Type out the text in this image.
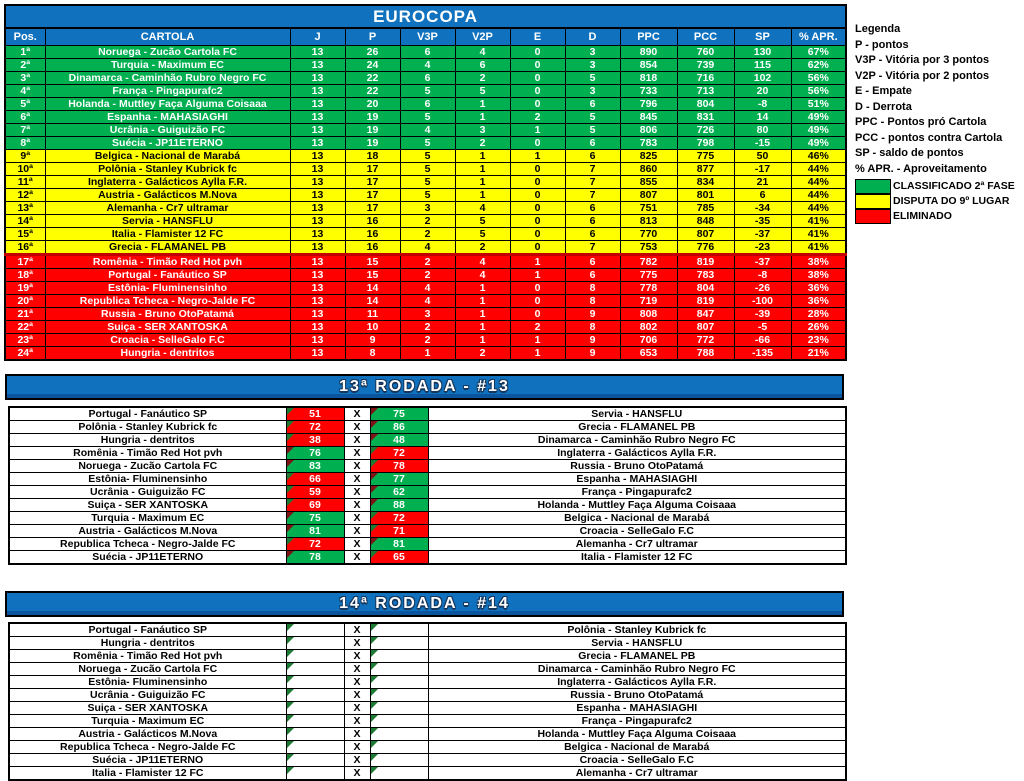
EUROCOPA											
Pos.	CARTOLA	J	P	V3P	V2P	E	D	PPC	PCC	SP	% APR.
1ª	Noruega - Zucão Cartola FC	13	26	6	4	0	3	890	760	130	67%
2ª	Turquia - Maximum EC	13	24	4	6	0	3	854	739	115	62%
3ª	Dinamarca - Caminhão Rubro Negro FC	13	22	6	2	0	5	818	716	102	56%
4ª	França - Pingapurafc2	13	22	5	5	0	3	733	713	20	56%
5ª	Holanda - Muttley Faça Alguma Coisaaa	13	20	6	1	0	6	796	804	-8	51%
6ª	Espanha - MAHASIAGHI	13	19	5	1	2	5	845	831	14	49%
7ª	Ucrânia - Guiguizão FC	13	19	4	3	1	5	806	726	80	49%
8ª	Suécia - JP11ETERNO	13	19	5	2	0	6	783	798	-15	49%
9ª	Belgica - Nacional de Marabá	13	18	5	1	1	6	825	775	50	46%
10ª	Polônia - Stanley Kubrick fc	13	17	5	1	0	7	860	877	-17	44%
11ª	Inglaterra - Galácticos Aylla F.R.	13	17	5	1	0	7	855	834	21	44%
12ª	Austria - Galácticos M.Nova	13	17	5	1	0	7	807	801	6	44%
13ª	Alemanha - Cr7 ultramar	13	17	3	4	0	6	751	785	-34	44%
14ª	Servia - HANSFLU	13	16	2	5	0	6	813	848	-35	41%
15ª	Italia - Flamister 12 FC	13	16	2	5	0	6	770	807	-37	41%
16ª	Grecia - FLAMANEL PB	13	16	4	2	0	7	753	776	-23	41%
17ª	Romênia - Timão Red Hot pvh	13	15	2	4	1	6	782	819	-37	38%
18ª	Portugal - Fanáutico SP	13	15	2	4	1	6	775	783	-8	38%
19ª	Estônia- Fluminensinho	13	14	4	1	0	8	778	804	-26	36%
20ª	Republica Tcheca - Negro-Jalde FC	13	14	4	1	0	8	719	819	-100	36%
21ª	Russia - Bruno OtoPatamá	13	11	3	1	0	9	808	847	-39	28%
22ª	Suiça - SER XANTOSKA	13	10	2	1	2	8	802	807	-5	26%
23ª	Croacia - SelleGalo F.C	13	9	2	1	1	9	706	772	-66	23%
24ª	Hungria - dentritos	13	8	1	2	1	9	653	788	-135	21%
Legenda
P - pontos
V3P - Vitória por 3 pontos
V2P - Vitória por 2 pontos
E - Empate
D - Derrota
PPC - Pontos pró Cartola
PCC - pontos contra Cartola
SP - saldo de pontos
% APR. - Aproveitamento
CLASSIFICADO 2ª FASE
DISPUTA DO 9º LUGAR
ELIMINADO
13ª RODADA - #13
Portugal - Fanáutico SP	51	X	75	Servia - HANSFLU
Polônia - Stanley Kubrick fc	72	X	86	Grecia - FLAMANEL PB
Hungria - dentritos	38	X	48	Dinamarca - Caminhão Rubro Negro FC
Romênia - Timão Red Hot pvh	76	X	72	Inglaterra - Galácticos Aylla F.R.
Noruega - Zucão Cartola FC	83	X	78	Russia - Bruno OtoPatamá
Estônia- Fluminensinho	66	X	77	Espanha - MAHASIAGHI
Ucrânia - Guiguizão FC	59	X	62	França - Pingapurafc2
Suiça - SER XANTOSKA	69	X	88	Holanda - Muttley Faça Alguma Coisaaa
Turquia - Maximum EC	75	X	72	Belgica - Nacional de Marabá
Austria - Galácticos M.Nova	81	X	71	Croacia - SelleGalo F.C
Republica Tcheca - Negro-Jalde FC	72	X	81	Alemanha - Cr7 ultramar
Suécia - JP11ETERNO	78	X	65	Italia - Flamister 12 FC
14ª RODADA - #14
Portugal - Fanáutico SP		X		Polônia - Stanley Kubrick fc
Hungria - dentritos		X		Servia - HANSFLU
Romênia - Timão Red Hot pvh		X		Grecia - FLAMANEL PB
Noruega - Zucão Cartola FC		X		Dinamarca - Caminhão Rubro Negro FC
Estônia- Fluminensinho		X		Inglaterra - Galácticos Aylla F.R.
Ucrânia - Guiguizão FC		X		Russia - Bruno OtoPatamá
Suiça - SER XANTOSKA		X		Espanha - MAHASIAGHI
Turquia - Maximum EC		X		França - Pingapurafc2
Austria - Galácticos M.Nova		X		Holanda - Muttley Faça Alguma Coisaaa
Republica Tcheca - Negro-Jalde FC		X		Belgica - Nacional de Marabá
Suécia - JP11ETERNO		X		Croacia - SelleGalo F.C
Italia - Flamister 12 FC		X		Alemanha - Cr7 ultramar
